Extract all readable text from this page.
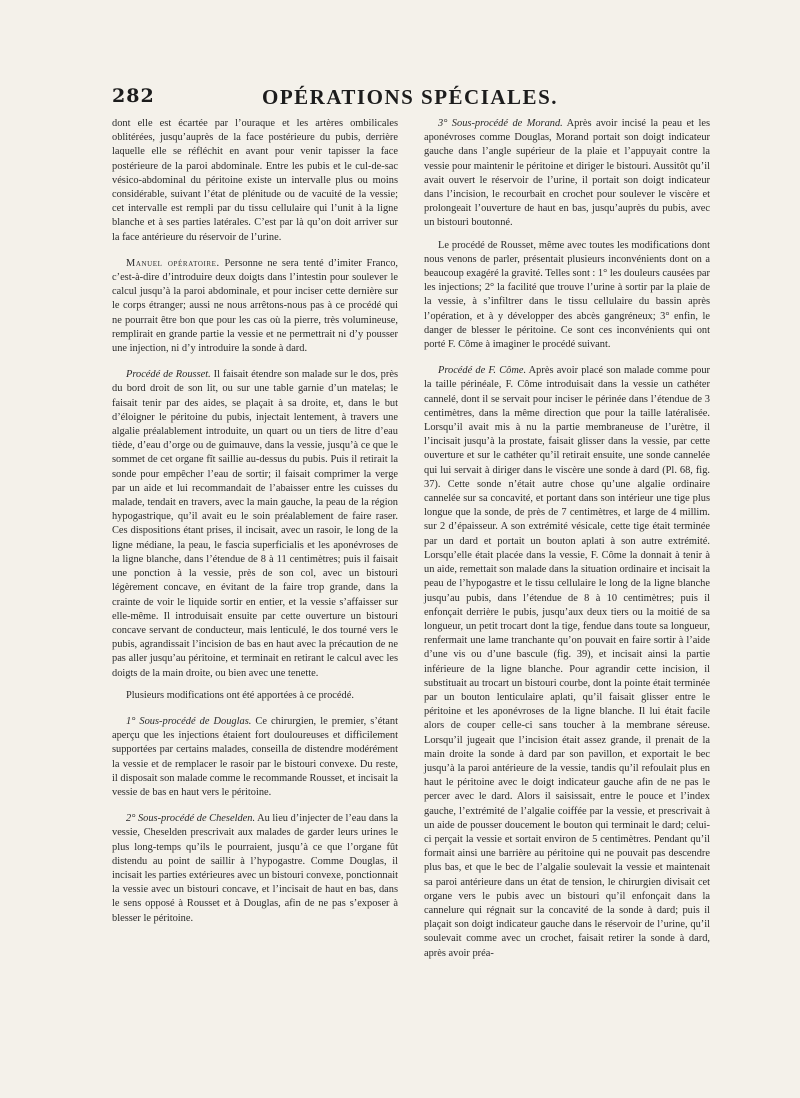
282	OPÉRATIONS SPÉCIALES.

dont elle est écartée par l’ouraque et les artères ombilicales oblitérées, jusqu’auprès de la face postérieure du pubis, derrière laquelle elle se réfléchit en avant pour venir tapisser la face postérieure de la paroi abdominale. Entre les pubis et le cul-de-sac vésico-abdominal du péritoine existe un intervalle plus ou moins considérable, suivant l’état de plénitude ou de vacuité de la vessie; cet intervalle est rempli par du tissu cellulaire qui l’unit à la ligne blanche et à ses parties latérales. C’est par là qu’on doit arriver sur la face antérieure du réservoir de l’urine.

Manuel opératoire. Personne ne sera tenté d’imiter Franco, c’est-à-dire d’introduire deux doigts dans l’intestin pour soulever le calcul jusqu’à la paroi abdominale, et pour inciser cette dernière sur le corps étranger; aussi ne nous arrêtons-nous pas à ce procédé qui ne pourrait être bon que pour les cas où la pierre, très volumineuse, remplirait en grande partie la vessie et ne permettrait ni d’y pousser une injection, ni d’y introduire la sonde à dard.

Procédé de Rousset. Il faisait étendre son malade sur le dos, près du bord droit de son lit, ou sur une table garnie d’un matelas; le faisait tenir par des aides, se plaçait à sa droite, et, dans le but d’éloigner le péritoine du pubis, injectait lentement, à travers une algalie préalablement introduite, un quart ou un tiers de litre d’eau tiède, d’eau d’orge ou de guimauve, dans la vessie, jusqu’à ce que le sommet de cet organe fît saillie au-dessus du pubis. Puis il retirait la sonde pour empêcher l’eau de sortir; il faisait comprimer la verge par un aide et lui recommandait de l’abaisser entre les cuisses du malade, tendait en travers, avec la main gauche, la peau de la région hypogastrique, qu’il avait eu le soin préalablement de faire raser. Ces dispositions étant prises, il incisait, avec un rasoir, le long de la ligne médiane, la peau, le fascia superficialis et les aponévroses de la ligne blanche, dans l’étendue de 8 à 11 centimètres; puis il faisait une ponction à la vessie, près de son col, avec un bistouri légèrement concave, en évitant de la faire trop grande, dans la crainte de voir le liquide sortir en entier, et la vessie s’affaisser sur elle-même. Il introduisait ensuite par cette ouverture un bistouri concave servant de conducteur, mais lenticulé, le dos tourné vers le pubis, agrandissait l’incision de bas en haut avec la précaution de ne pas aller jusqu’au péritoine, et terminait en retirant le calcul avec les doigts de la main droite, ou bien avec une tenette.

Plusieurs modifications ont été apportées à ce procédé.

1° Sous-procédé de Douglas. Ce chirurgien, le premier, s’étant aperçu que les injections étaient fort douloureuses et difficilement supportées par certains malades, conseilla de distendre modérément la vessie et de remplacer le rasoir par le bistouri convexe. Du reste, il disposait son malade comme le recommande Rousset, et incisait la vessie de bas en haut vers le péritoine.

2° Sous-procédé de Cheselden. Au lieu d’injecter de l’eau dans la vessie, Cheselden prescrivait aux malades de garder leurs urines le plus long-temps qu’ils le pourraient, jusqu’à ce que l’organe fût distendu au point de saillir à l’hypogastre. Comme Douglas, il incisait les parties extérieures avec un bistouri convexe, ponctionnait la vessie avec un bistouri concave, et l’incisait de haut en bas, dans le sens opposé à Rousset et à Douglas, afin de ne pas s’exposer à blesser le péritoine.

3° Sous-procédé de Morand. Après avoir incisé la peau et les aponévroses comme Douglas, Morand portait son doigt indicateur gauche dans l’angle supérieur de la plaie et l’appuyait contre la vessie pour maintenir le péritoine et diriger le bistouri. Aussitôt qu’il avait ouvert le réservoir de l’urine, il portait son doigt indicateur dans l’incision, le recourbait en crochet pour soulever le viscère et prolongeait l’ouverture de haut en bas, jusqu’auprès du pubis, avec un bistouri boutonné.

Le procédé de Rousset, même avec toutes les modifications dont nous venons de parler, présentait plusieurs inconvénients dont on a beaucoup exagéré la gravité. Telles sont : 1° les douleurs causées par les injections; 2° la facilité que trouve l’urine à sortir par la plaie de la vessie, à s’infiltrer dans le tissu cellulaire du bassin après l’opération, et à y développer des abcès gangréneux; 3° enfin, le danger de blesser le péritoine. Ce sont ces inconvénients qui ont porté F. Côme à imaginer le procédé suivant.

Procédé de F. Côme. Après avoir placé son malade comme pour la taille périnéale, F. Côme introduisait dans la vessie un cathéter cannelé, dont il se servait pour inciser le périnée dans l’étendue de 3 centimètres, dans la même direction que pour la taille latéralisée. Lorsqu’il avait mis à nu la partie membraneuse de l’urètre, il l’incisait jusqu’à la prostate, faisait glisser dans la vessie, par cette ouverture et sur le cathéter qu’il retirait ensuite, une sonde cannelée qui lui servait à diriger dans le viscère une sonde à dard (Pl. 68, fig. 37). Cette sonde n’était autre chose qu’une algalie ordinaire cannelée sur sa concavité, et portant dans son intérieur une tige plus longue que la sonde, de près de 7 centimètres, et large de 4 millim. sur 2 d’épaisseur. A son extrémité vésicale, cette tige était terminée par un dard et portait un bouton aplati à son autre extrémité. Lorsqu’elle était placée dans la vessie, F. Côme la donnait à tenir à un aide, remettait son malade dans la situation ordinaire et incisait la peau de l’hypogastre et le tissu cellulaire le long de la ligne blanche jusqu’au pubis, dans l’étendue de 8 à 10 centimètres; puis il enfonçait derrière le pubis, jusqu’aux deux tiers ou la moitié de sa longueur, un petit trocart dont la tige, fendue dans toute sa longueur, renfermait une lame tranchante qu’on pouvait en faire sortir à l’aide d’une vis ou d’une bascule (fig. 39), et incisait ainsi la partie inférieure de la ligne blanche. Pour agrandir cette incision, il substituait au trocart un bistouri courbe, dont la pointe était terminée par un bouton lenticulaire aplati, qu’il faisait glisser entre le péritoine et les aponévroses de la ligne blanche. Il lui était facile alors de couper celle-ci sans toucher à la membrane séreuse. Lorsqu’il jugeait que l’incision était assez grande, il prenait de la main droite la sonde à dard par son pavillon, et exportait le bec jusqu’à la paroi antérieure de la vessie, tandis qu’il refoulait plus en haut le péritoine avec le doigt indicateur gauche afin de ne pas le percer avec le dard. Alors il saisissait, entre le pouce et l’index gauche, l’extrémité de l’algalie coiffée par la vessie, et prescrivait à un aide de pousser doucement le bouton qui terminait le dard; celui-ci perçait la vessie et sortait environ de 5 centimètres. Pendant qu’il formait ainsi une barrière au péritoine qui ne pouvait pas descendre plus bas, et que le bec de l’algalie soulevait la vessie et maintenait sa paroi antérieure dans un état de tension, le chirurgien divisait cet organe vers le pubis avec un bistouri qu’il enfonçait dans la cannelure qui régnait sur la concavité de la sonde à dard; puis il plaçait son doigt indicateur gauche dans le réservoir de l’urine, qu’il soulevait comme avec un crochet, faisait retirer la sonde à dard, après avoir préa-
